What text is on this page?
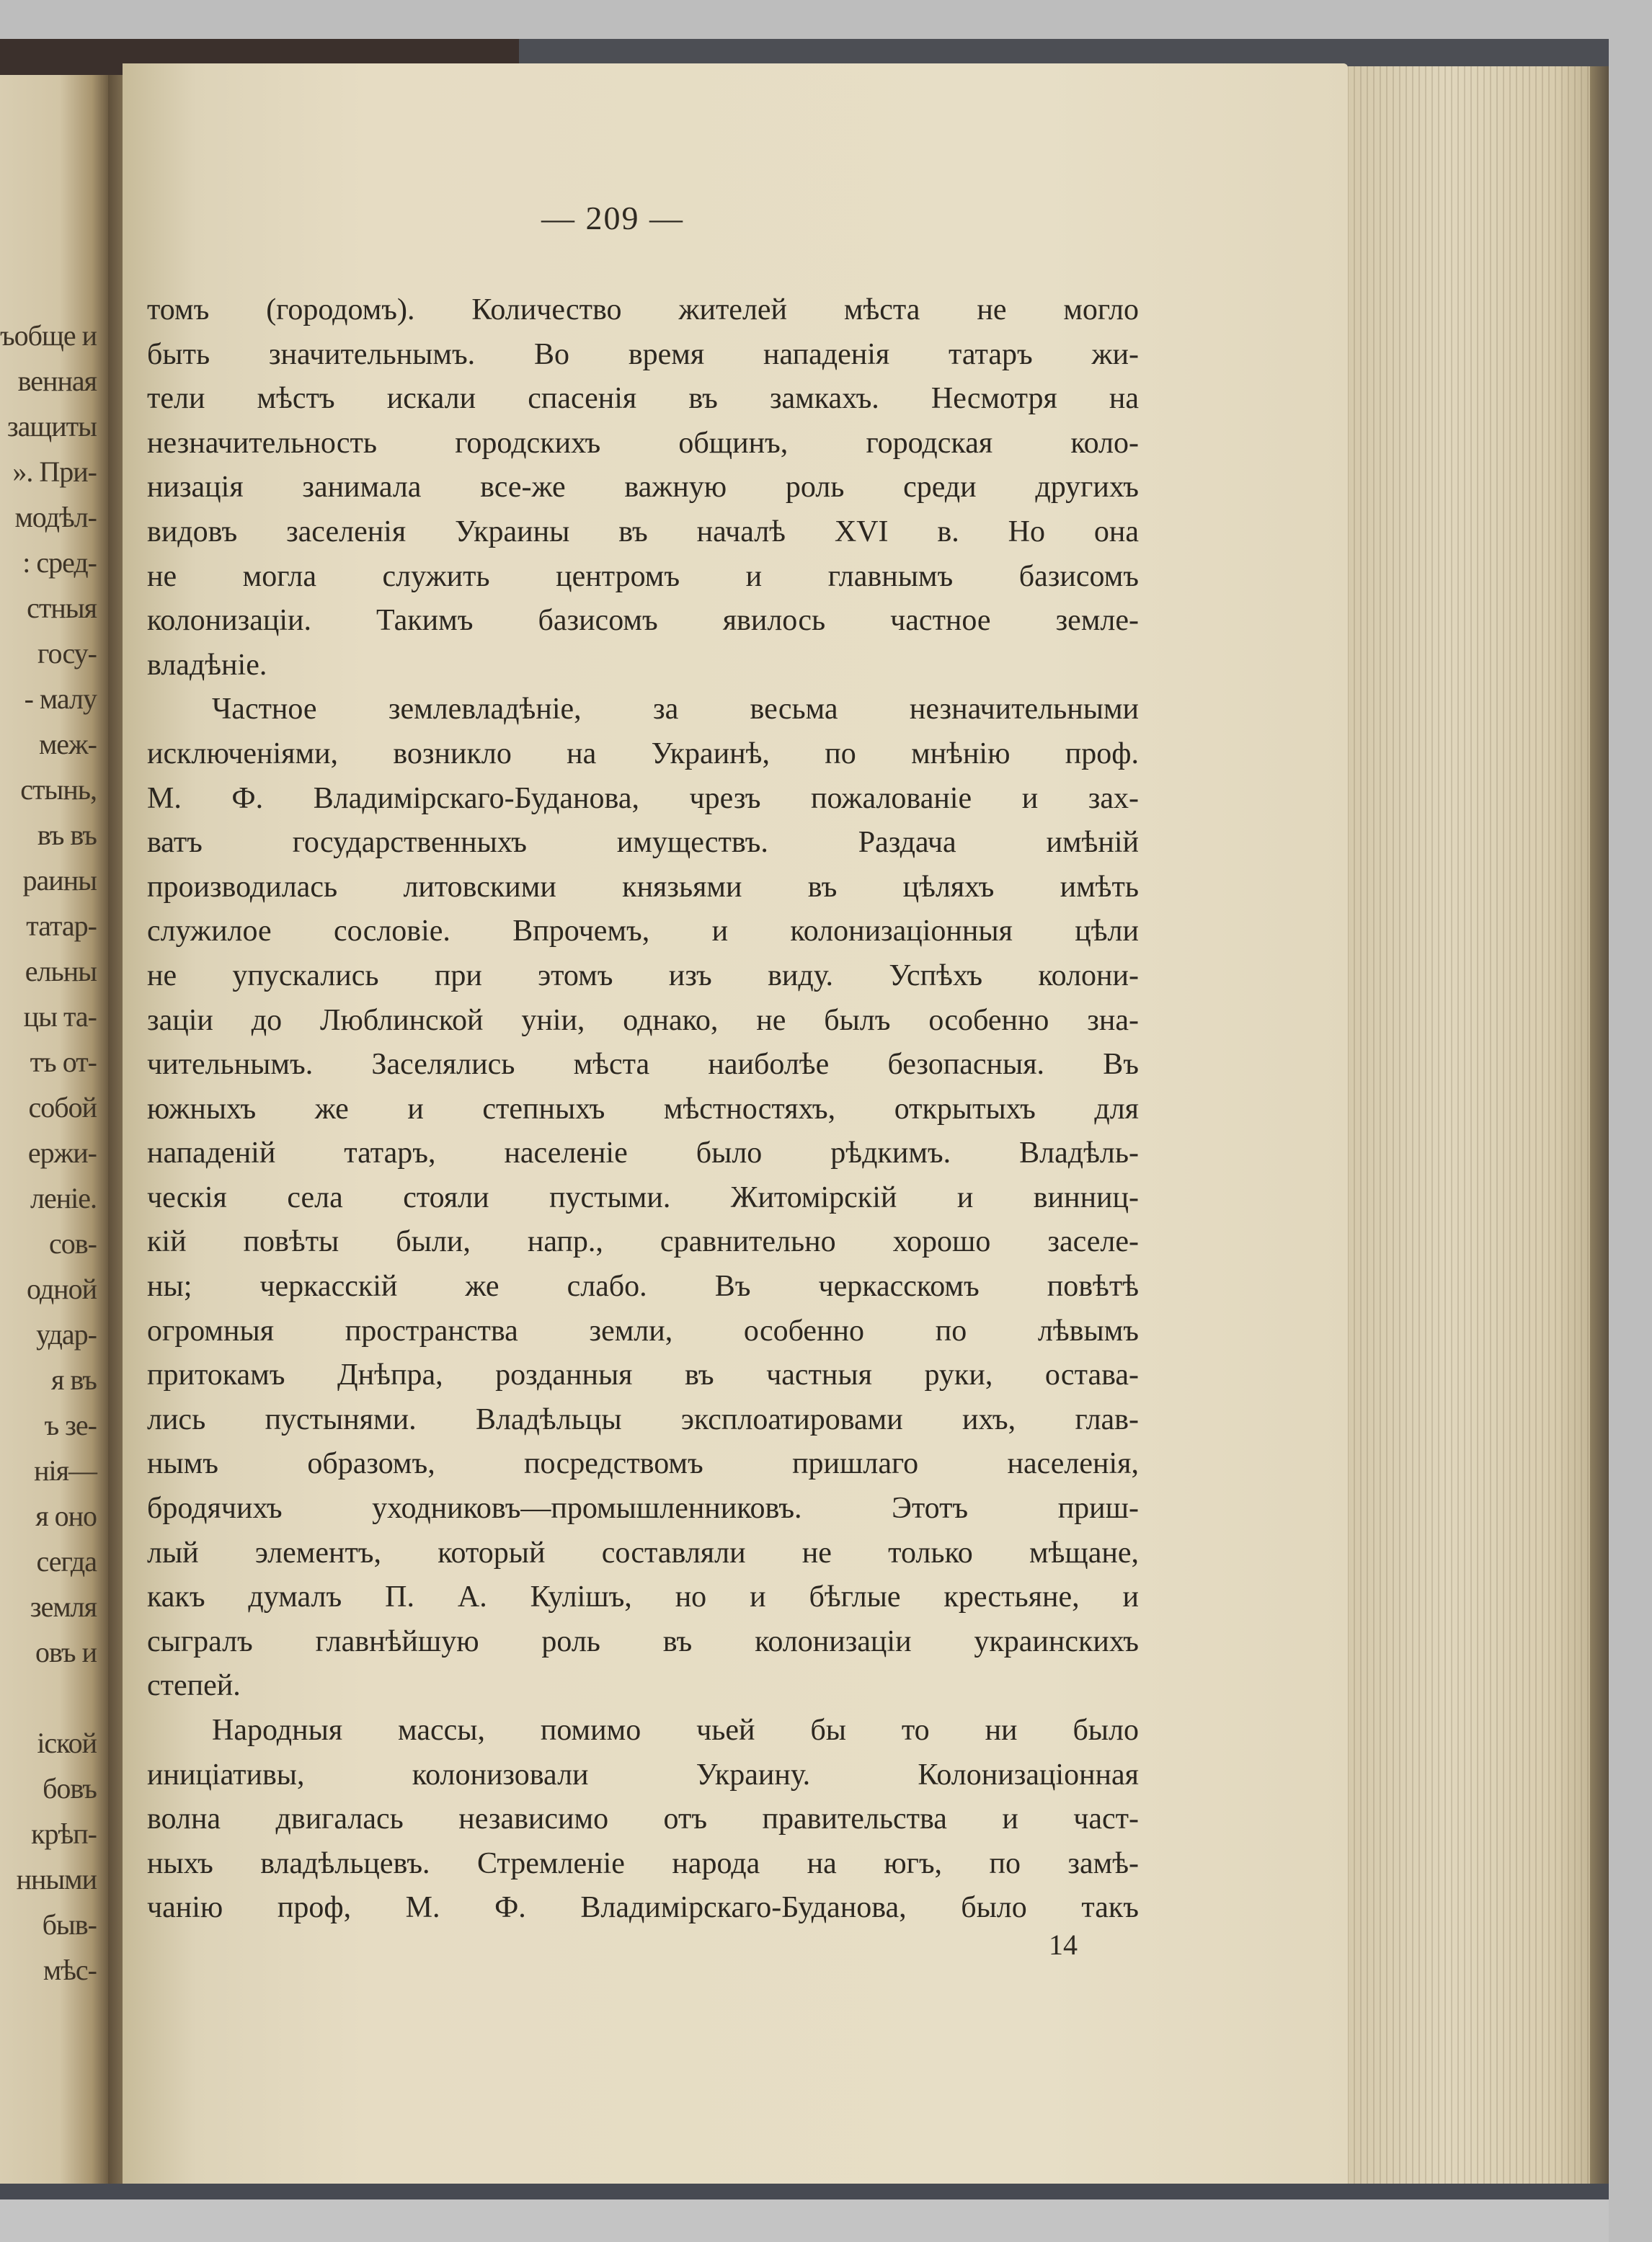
ъобще и
венная
защиты
». При-
модѣл-
: сред-
стныя
госу-
- малу
меж-
стынь,
въ въ
раины
татар-
ельны
цы та-
тъ от-
собой
ержи-
леніе.
сов-
одной
удар-
я въ
ъ зе-
нія—
я оно
сегда
земля
овъ и
іской
бовъ
крѣп-
нными
быв-
мѣс-
— 209 —
томъ (городомъ). Количество жителей мѣста не могло
быть значительнымъ. Во время нападенія татаръ жи-
тели мѣстъ искали спасенія въ замкахъ. Несмотря на
незначительность городскихъ общинъ, городская коло-
низація занимала все-же важную роль среди другихъ
видовъ заселенія Украины въ началѣ XVI в. Но она
не могла служить центромъ и главнымъ базисомъ
колонизаціи. Такимъ базисомъ явилось частное земле-
владѣніе.
Частное землевладѣніе, за весьма незначительными
исключеніями, возникло на Украинѣ, по мнѣнію проф.
М. Ф. Владимірскаго-Буданова, чрезъ пожалованіе и зах-
ватъ государственныхъ имуществъ. Раздача имѣній
производилась литовскими князьями въ цѣляхъ имѣть
служилое сословіе. Впрочемъ, и колонизаціонныя цѣли
не упускались при этомъ изъ виду. Успѣхъ колони-
заціи до Люблинской уніи, однако, не былъ особенно зна-
чительнымъ. Заселялись мѣста наиболѣе безопасныя. Въ
южныхъ же и степныхъ мѣстностяхъ, открытыхъ для
нападеній татаръ, населеніе было рѣдкимъ. Владѣль-
ческія села стояли пустыми. Житомірскій и винниц-
кій повѣты были, напр., сравнительно хорошо заселе-
ны; черкасскій же слабо. Въ черкасскомъ повѣтѣ
огромныя пространства земли, особенно по лѣвымъ
притокамъ Днѣпра, розданныя въ частныя руки, остава-
лись пустынями. Владѣльцы эксплоатировами ихъ, глав-
нымъ образомъ, посредствомъ пришлаго населенія,
бродячихъ уходниковъ—промышленниковъ. Этотъ приш-
лый элементъ, который составляли не только мѣщане,
какъ думалъ П. А. Кулішъ, но и бѣглые крестьяне, и
сыгралъ главнѣйшую роль въ колонизаціи украинскихъ
степей.
Народныя массы, помимо чьей бы то ни было
иниціативы, колонизовали Украину. Колонизаціонная
волна двигалась независимо отъ правительства и част-
ныхъ владѣльцевъ. Стремленіе народа на югъ, по замѣ-
чанію проф, М. Ф. Владимірскаго-Буданова, было такъ
14
